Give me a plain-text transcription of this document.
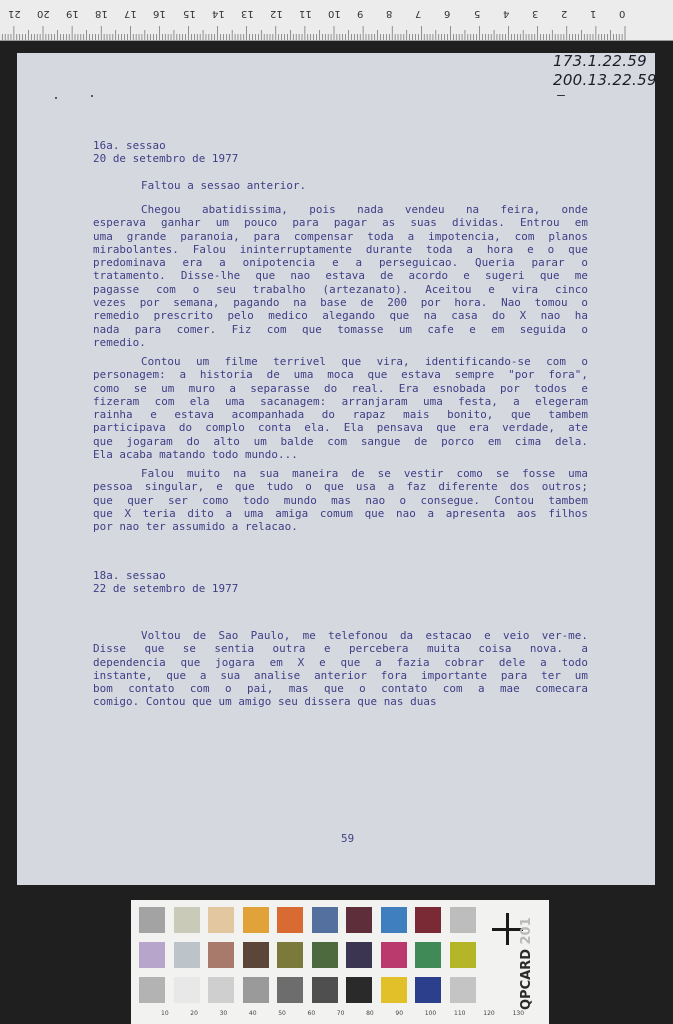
21 20 19 18 17 16 15 14 13 12 11 10 9 8 7 6 5 4 3 2 1 0
173.1.22.59
200.13.22.59
16a. sessao
20 de setembro de 1977
Faltou a sessao anterior.
Chegou abatidissima, pois nada vendeu na feira, onde
esperava ganhar um pouco para pagar as suas dividas. Entrou em
uma grande paranoia, para compensar toda a impotencia, com planos
mirabolantes. Falou ininterruptamente durante toda a hora e o que
predominava era a onipotencia e a perseguicao. Queria parar o
tratamento. Disse-lhe que nao estava de acordo e sugeri que me
pagasse com o seu trabalho (artezanato). Aceitou e vira cinco
vezes por semana, pagando na base de 200 por hora. Nao tomou o
remedio prescrito pelo medico alegando que na casa do X nao ha
nada para comer. Fiz com que tomasse um cafe e em seguida o
remedio.
Contou um filme terrivel que vira, identificando-se com o
personagem: a historia de uma moca que estava sempre "por fora",
como se um muro a separasse do real. Era esnobada por todos e
fizeram com ela uma sacanagem: arranjaram uma festa, a elegeram
rainha e estava acompanhada do rapaz mais bonito, que tambem
participava do complo conta ela. Ela pensava que era verdade, ate
que jogaram do alto um balde com sangue de porco em cima dela.
Ela acaba matando todo mundo...
Falou muito na sua maneira de se vestir como se fosse uma
pessoa singular, e que tudo o que usa a faz diferente dos outros;
que quer ser como todo mundo mas nao o consegue. Contou tambem
que X teria dito a uma amiga comum que nao a apresenta aos filhos
por nao ter assumido a relacao.
18a. sessao
22 de setembro de 1977
Voltou de Sao Paulo, me telefonou da estacao e veio ver-me.
Disse que se sentia outra e percebera muita coisa nova. a
dependencia que jogara em X e que a fazia cobrar dele a todo
instante, que a sua analise anterior fora importante para ter um
bom contato com o pai, mas que o contato com a mae comecara
comigo. Contou que um amigo seu dissera que nas duas
59
QPCARD 201
10	20	30	40	50	60	70	80	90	100	110	120	130
